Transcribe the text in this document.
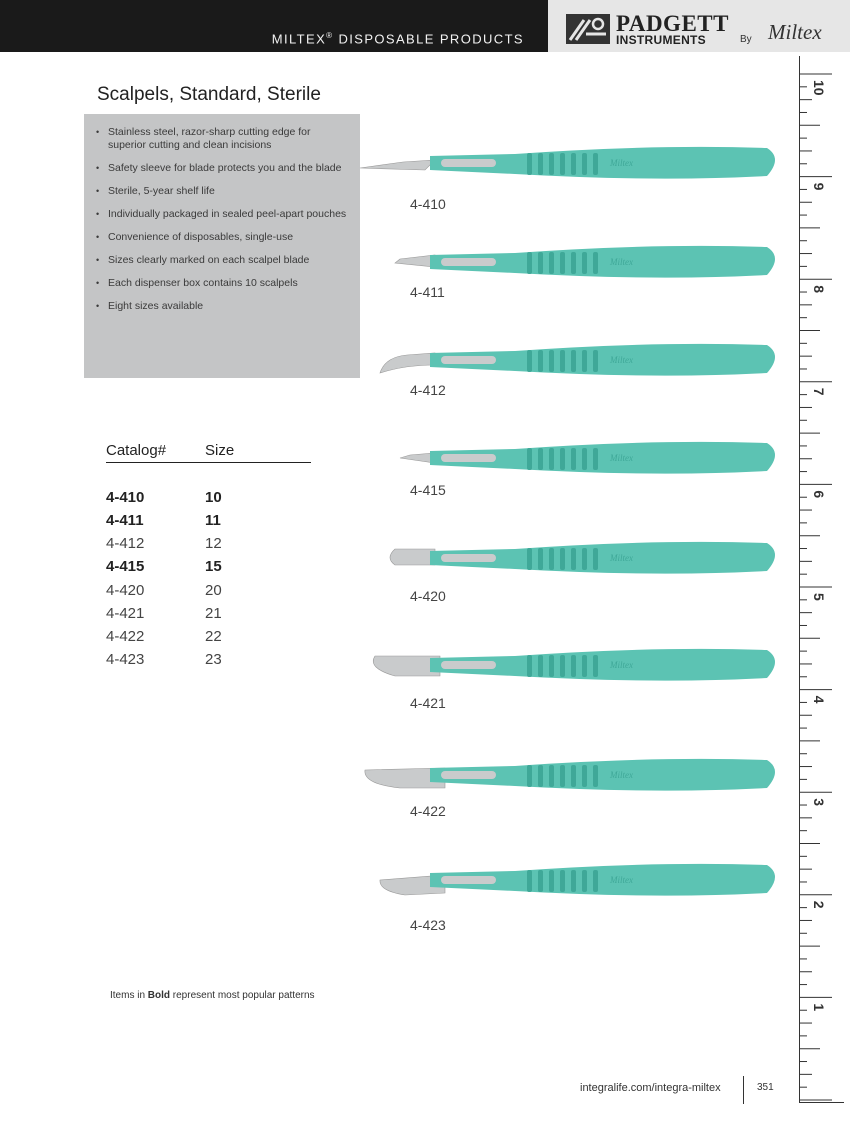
MILTEX® DISPOSABLE PRODUCTS
PADGETT
INSTRUMENTS	By Miltex
Scalpels, Standard, Sterile
• Stainless steel, razor-sharp cutting edge for superior cutting and clean incisions
• Safety sleeve for blade protects you and the blade
• Sterile, 5-year shelf life
• Individually packaged in sealed peel-apart pouches
• Convenience of disposables, single-use
• Sizes clearly marked on each scalpel blade
• Each dispenser box contains 10 scalpels
• Eight sizes available
Catalog#	Size
4-410	10
4-411	11
4-412	12
4-415	15
4-420	20
4-421	21
4-422	22
4-423	23
Items in Bold represent most popular patterns
Miltex
4-410
Miltex
4-411
Miltex
4-412
Miltex
4-415
Miltex
4-420
Miltex
4-421
Miltex
4-422
Miltex
4-423
10
9
8
7
6
5
4
3
2
1
integralife.com/integra-miltex	351
